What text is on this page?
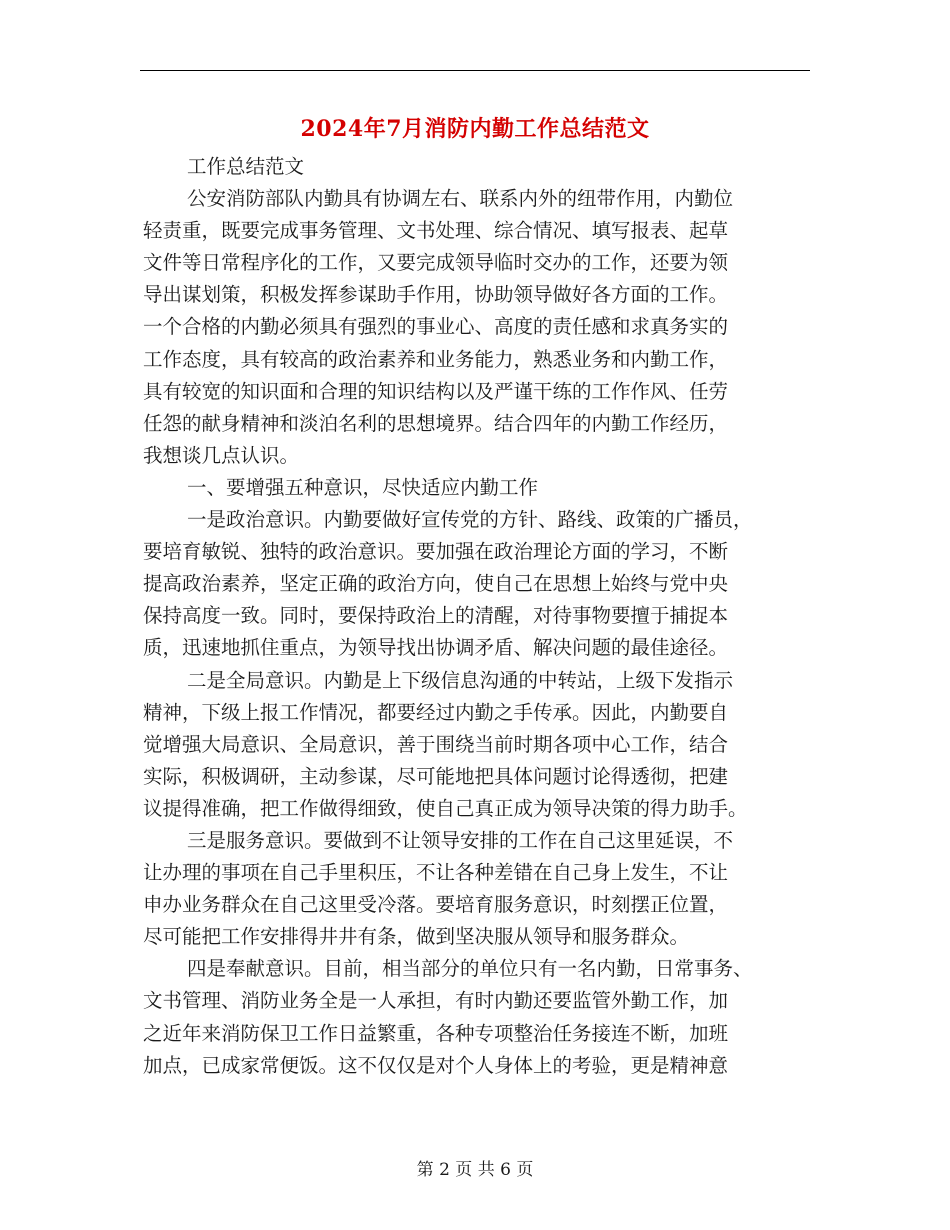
2024年7月消防内勤工作总结范文
工作总结范文
公安消防部队内勤具有协调左右、联系内外的纽带作用，内勤位
轻责重，既要完成事务管理、文书处理、综合情况、填写报表、起草
文件等日常程序化的工作，又要完成领导临时交办的工作，还要为领
导出谋划策，积极发挥参谋助手作用，协助领导做好各方面的工作。
一个合格的内勤必须具有强烈的事业心、高度的责任感和求真务实的
工作态度，具有较高的政治素养和业务能力，熟悉业务和内勤工作，
具有较宽的知识面和合理的知识结构以及严谨干练的工作作风、任劳
任怨的献身精神和淡泊名利的思想境界。结合四年的内勤工作经历，
我想谈几点认识。
一、要增强五种意识，尽快适应内勤工作
一是政治意识。内勤要做好宣传党的方针、路线、政策的广播员，
要培育敏锐、独特的政治意识。要加强在政治理论方面的学习，不断
提高政治素养，坚定正确的政治方向，使自己在思想上始终与党中央
保持高度一致。同时，要保持政治上的清醒，对待事物要擅于捕捉本
质，迅速地抓住重点，为领导找出协调矛盾、解决问题的最佳途径。
二是全局意识。内勤是上下级信息沟通的中转站，上级下发指示
精神，下级上报工作情况，都要经过内勤之手传承。因此，内勤要自
觉增强大局意识、全局意识，善于围绕当前时期各项中心工作，结合
实际，积极调研，主动参谋，尽可能地把具体问题讨论得透彻，把建
议提得准确，把工作做得细致，使自己真正成为领导决策的得力助手。
三是服务意识。要做到不让领导安排的工作在自己这里延误，不
让办理的事项在自己手里积压，不让各种差错在自己身上发生，不让
申办业务群众在自己这里受冷落。要培育服务意识，时刻摆正位置，
尽可能把工作安排得井井有条，做到坚决服从领导和服务群众。
四是奉献意识。目前，相当部分的单位只有一名内勤，日常事务、
文书管理、消防业务全是一人承担，有时内勤还要监管外勤工作，加
之近年来消防保卫工作日益繁重，各种专项整治任务接连不断，加班
加点，已成家常便饭。这不仅仅是对个人身体上的考验，更是精神意
第 2 页 共 6 页
